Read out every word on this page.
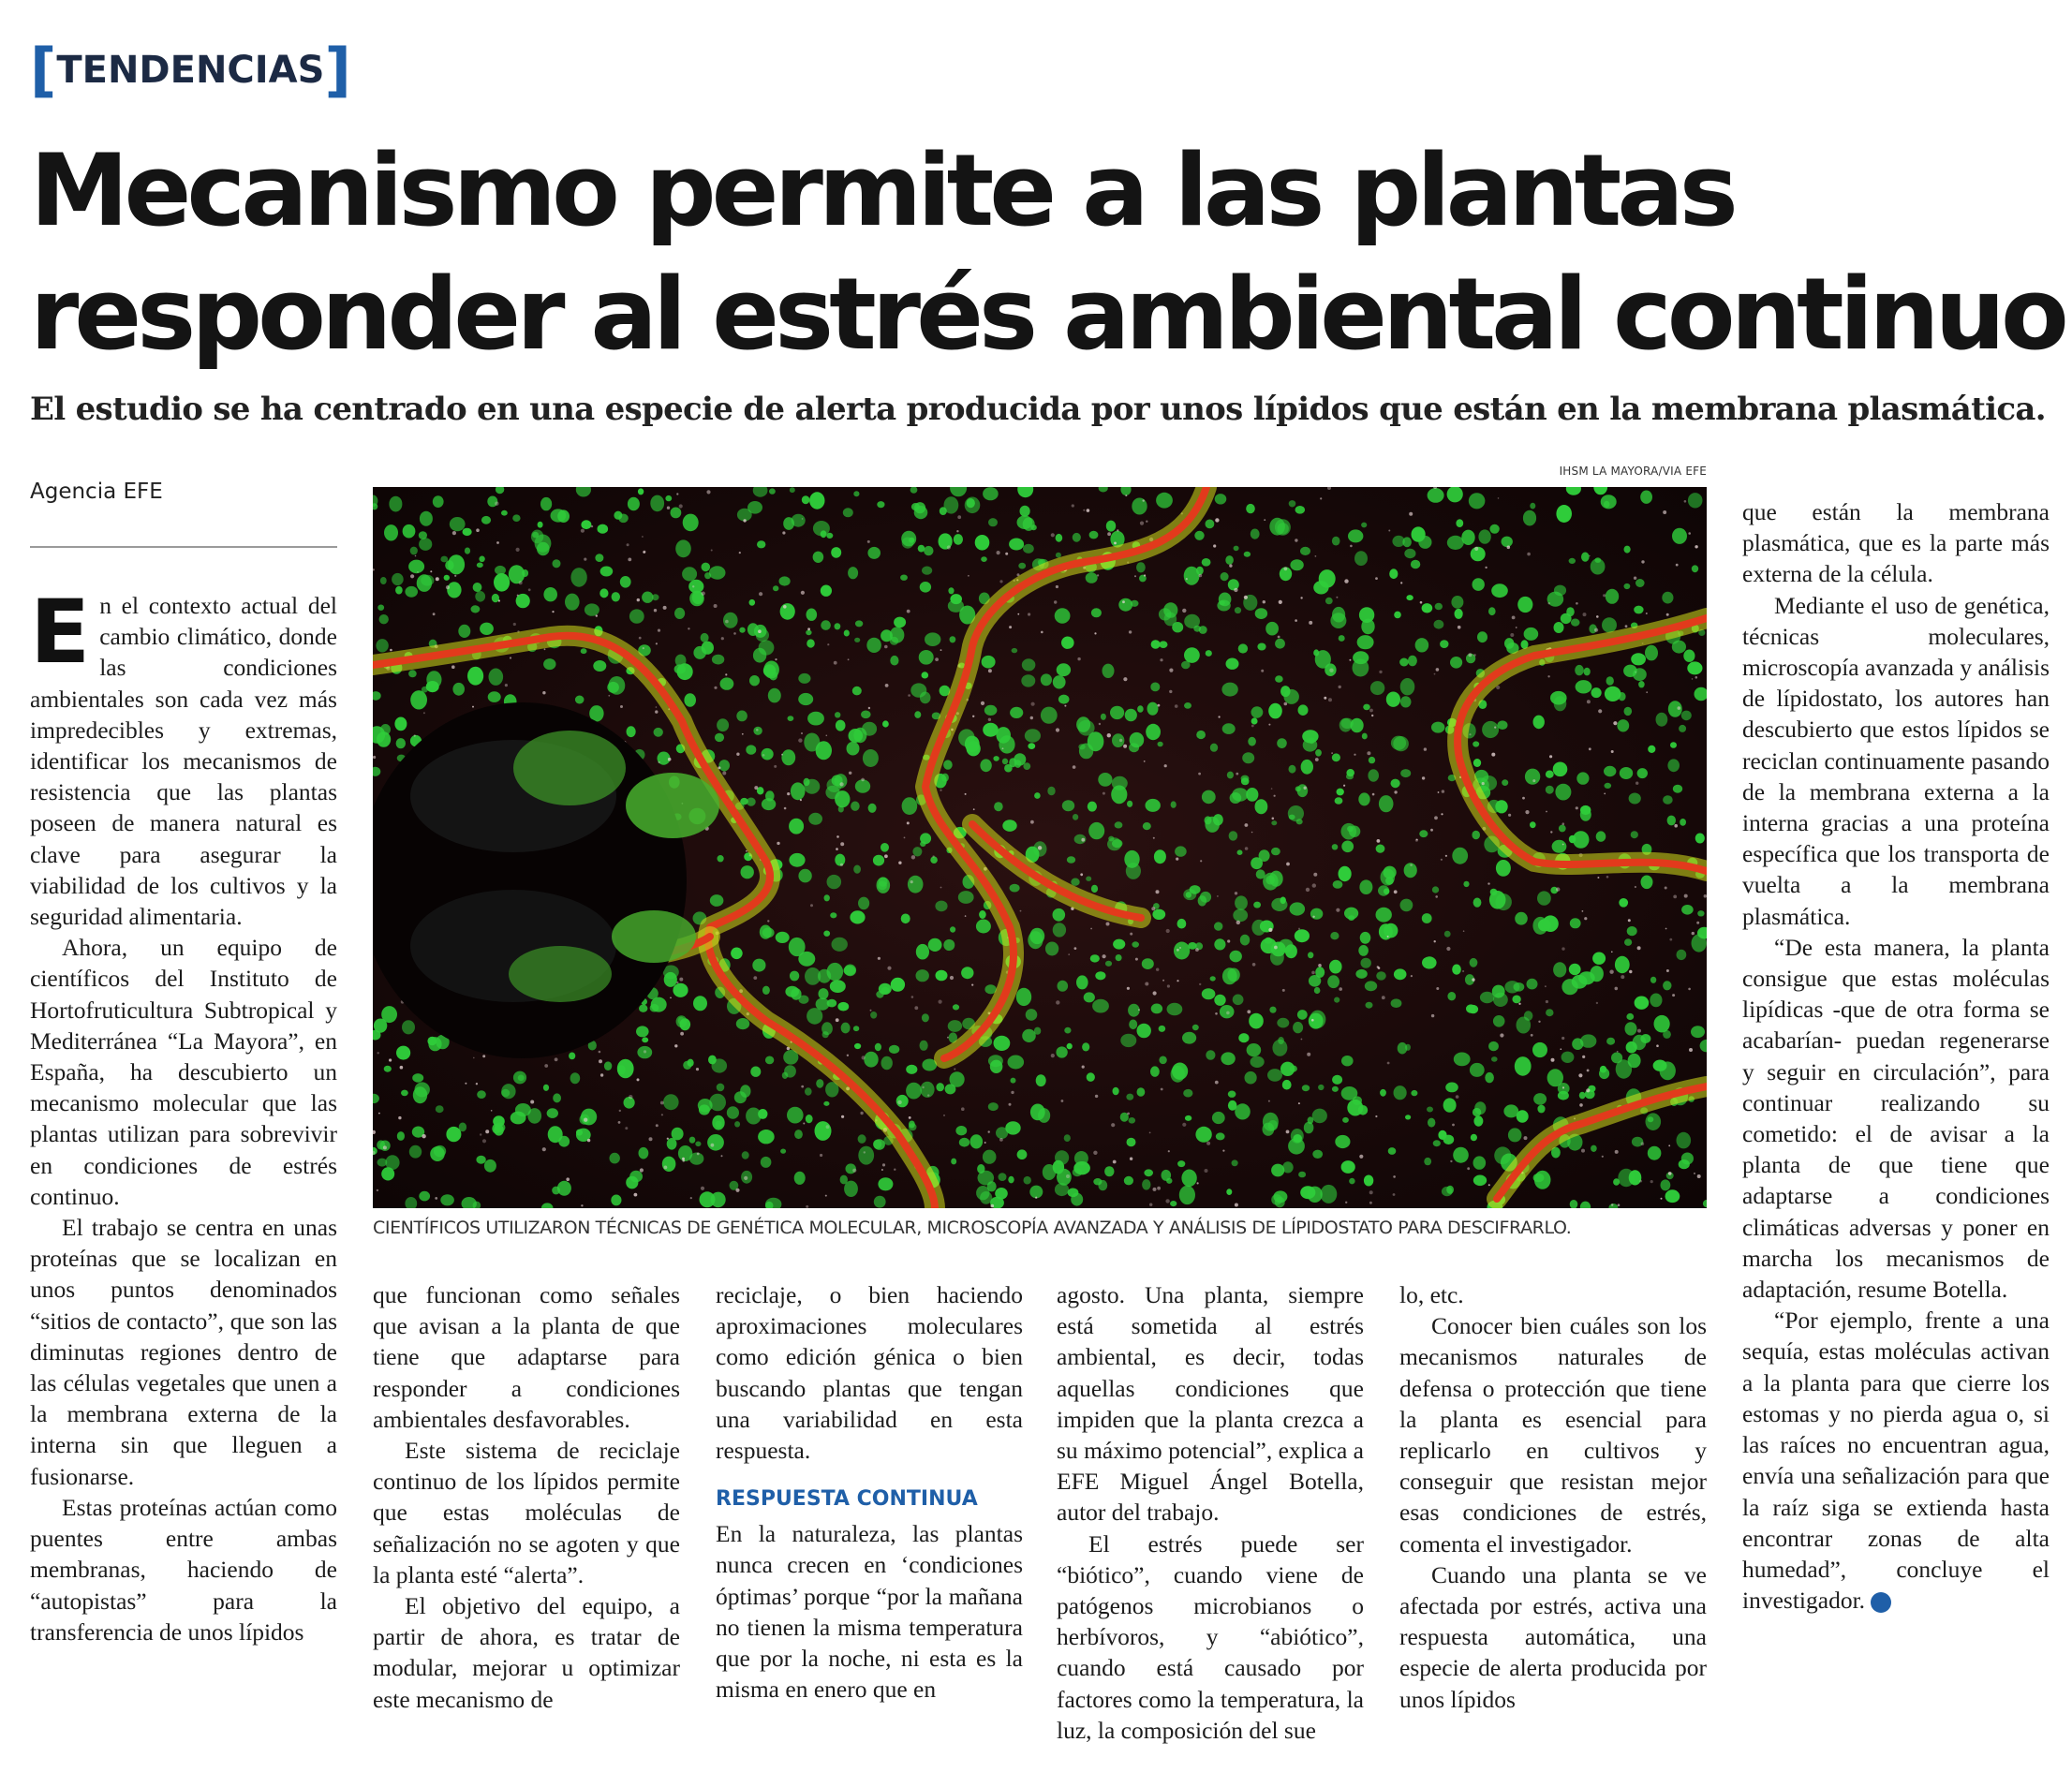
[ TENDENCIAS ]
Mecanismo permite a las plantas
responder al estrés ambiental continuo

El estudio se ha centrado en una especie de alerta producida por unos lípidos que están en la membrana plasmática.

Agencia EFE
IHSM LA MAYORA/VIA EFE
CIENTÍFICOS UTILIZARON TÉCNICAS DE GENÉTICA MOLECULAR, MICROSCOPÍA AVANZADA Y ANÁLISIS DE LÍPIDOSTATO PARA DESCIFRARLO.

En el contexto actual del cambio climático, donde las condiciones ambientales son cada vez más impredecibles y extremas, identificar los mecanismos de resistencia que las plantas poseen de manera natural es clave para asegurar la viabilidad de los cultivos y la seguridad alimentaria.

Ahora, un equipo de científicos del Instituto de Hortofruticultura Subtropical y Mediterránea “La Mayora”, en España, ha descubierto un mecanismo molecular que las plantas utilizan para sobrevivir en condiciones de estrés continuo.

El trabajo se centra en unas proteínas que se localizan en unos puntos denominados “sitios de contacto”, que son las diminutas regiones dentro de las células vegetales que unen a la membrana externa de la interna sin que lleguen a fusionarse.

Estas proteínas actúan como puentes entre ambas membranas, haciendo de “autopistas” para la transferencia de unos lípidos

que funcionan como señales que avisan a la planta de que tiene que adaptarse para responder a condiciones ambientales desfavorables.

Este sistema de reciclaje continuo de los lípidos permite que estas moléculas de señalización no se agoten y que la planta esté “alerta”.

El objetivo del equipo, a partir de ahora, es tratar de modular, mejorar u optimizar este mecanismo de

reciclaje, o bien haciendo aproximaciones moleculares como edición génica o bien buscando plantas que tengan una variabilidad en esta respuesta.

RESPUESTA CONTINUA

En la naturaleza, las plantas nunca crecen en ‘condiciones óptimas’ porque “por la mañana no tienen la misma temperatura que por la noche, ni esta es la misma en enero que en

agosto. Una planta, siempre está sometida al estrés ambiental, es decir, todas aquellas condiciones que impiden que la planta crezca a su máximo potencial”, explica a EFE Miguel Ángel Botella, autor del trabajo.

El estrés puede ser “biótico”, cuando viene de patógenos microbianos o herbívoros, y “abiótico”, cuando está causado por factores como la temperatura, la luz, la composición del sue

lo, etc.

Conocer bien cuáles son los mecanismos naturales de defensa o protección que tiene la planta es esencial para replicarlo en cultivos y conseguir que resistan mejor esas condiciones de estrés, comenta el investigador.

Cuando una planta se ve afectada por estrés, activa una respuesta automática, una especie de alerta producida por unos lípidos

que están la membrana plasmática, que es la parte más externa de la célula.

Mediante el uso de genética, técnicas moleculares, microscopía avanzada y análisis de lípidostato, los autores han descubierto que estos lípidos se reciclan continuamente pasando de la membrana externa a la interna gracias a una proteína específica que los transporta de vuelta a la membrana plasmática.

“De esta manera, la planta consigue que estas moléculas lipídicas -que de otra forma se acabarían- puedan regenerarse y seguir en circulación”, para continuar realizando su cometido: el de avisar a la planta de que tiene que adaptarse a condiciones climáticas adversas y poner en marcha los mecanismos de adaptación, resume Botella.

“Por ejemplo, frente a una sequía, estas moléculas activan a la planta para que cierre los estomas y no pierda agua o, si las raíces no encuentran agua, envía una señalización para que la raíz siga se extienda hasta encontrar zonas de alta humedad”, concluye el investigador.	✪
